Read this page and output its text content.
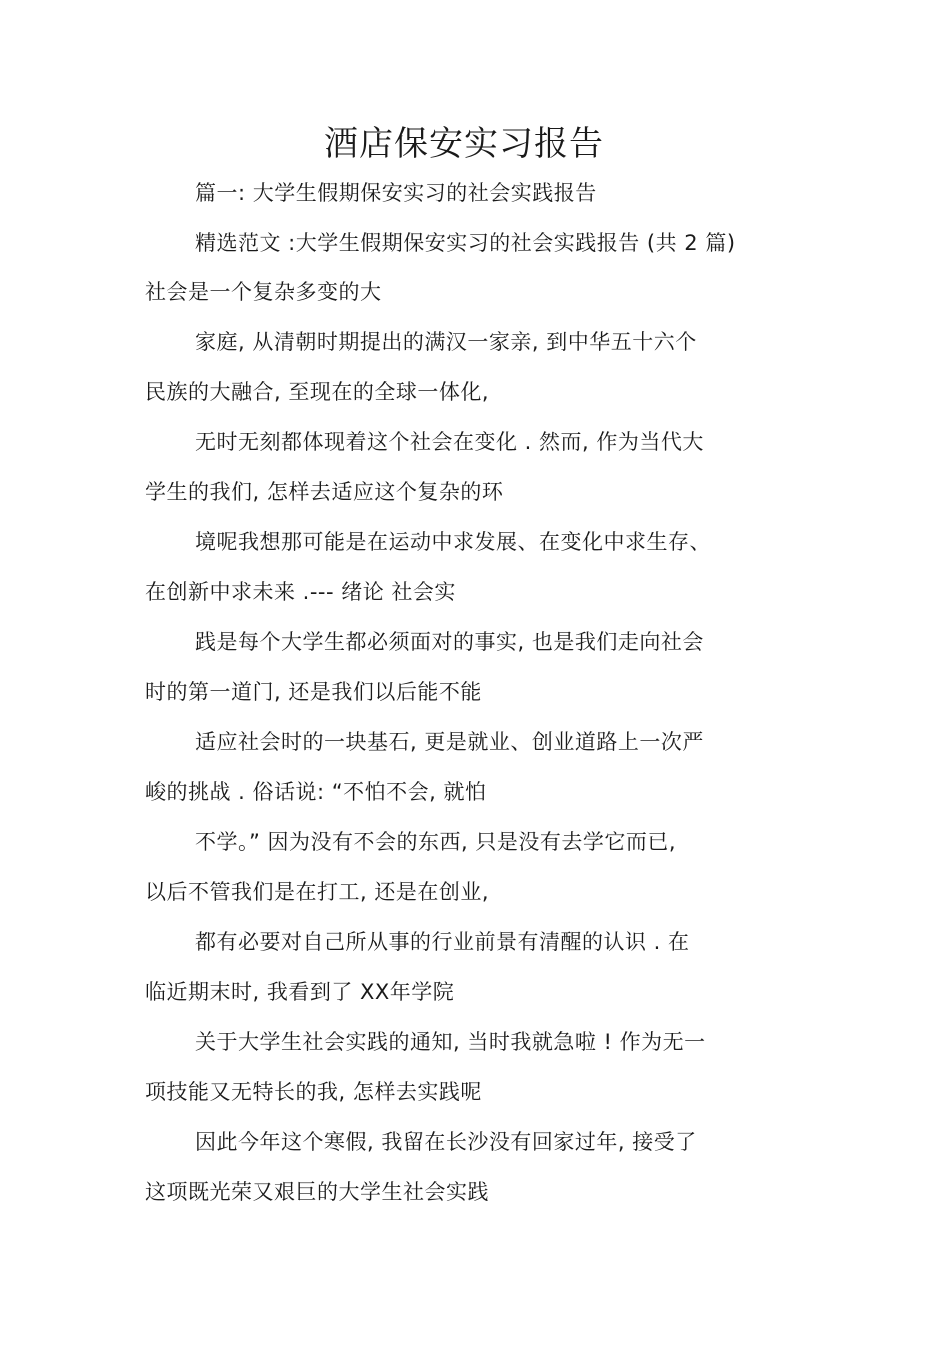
酒店保安实习报告
篇一: 大学生假期保安实习的社会实践报告
精选范文 :大学生假期保安实习的社会实践报告 (共 2 篇)
社会是一个复杂多变的大
家庭, 从清朝时期提出的满汉一家亲, 到中华五十六个
民族的大融合, 至现在的全球一体化,
无时无刻都体现着这个社会在变化 . 然而, 作为当代大
学生的我们, 怎样去适应这个复杂的环
境呢我想那可能是在运动中求发展、在变化中求生存、
在创新中求未来 .--- 绪论 社会实
践是每个大学生都必须面对的事实, 也是我们走向社会
时的第一道门, 还是我们以后能不能
适应社会时的一块基石, 更是就业、创业道路上一次严
峻的挑战 . 俗话说: “不怕不会, 就怕
不学。” 因为没有不会的东西, 只是没有去学它而已,
以后不管我们是在打工, 还是在创业,
都有必要对自己所从事的行业前景有清醒的认识 . 在
临近期末时, 我看到了 XX年学院
关于大学生社会实践的通知, 当时我就急啦 ! 作为无一
项技能又无特长的我, 怎样去实践呢
因此今年这个寒假, 我留在长沙没有回家过年, 接受了
这项既光荣又艰巨的大学生社会实践
